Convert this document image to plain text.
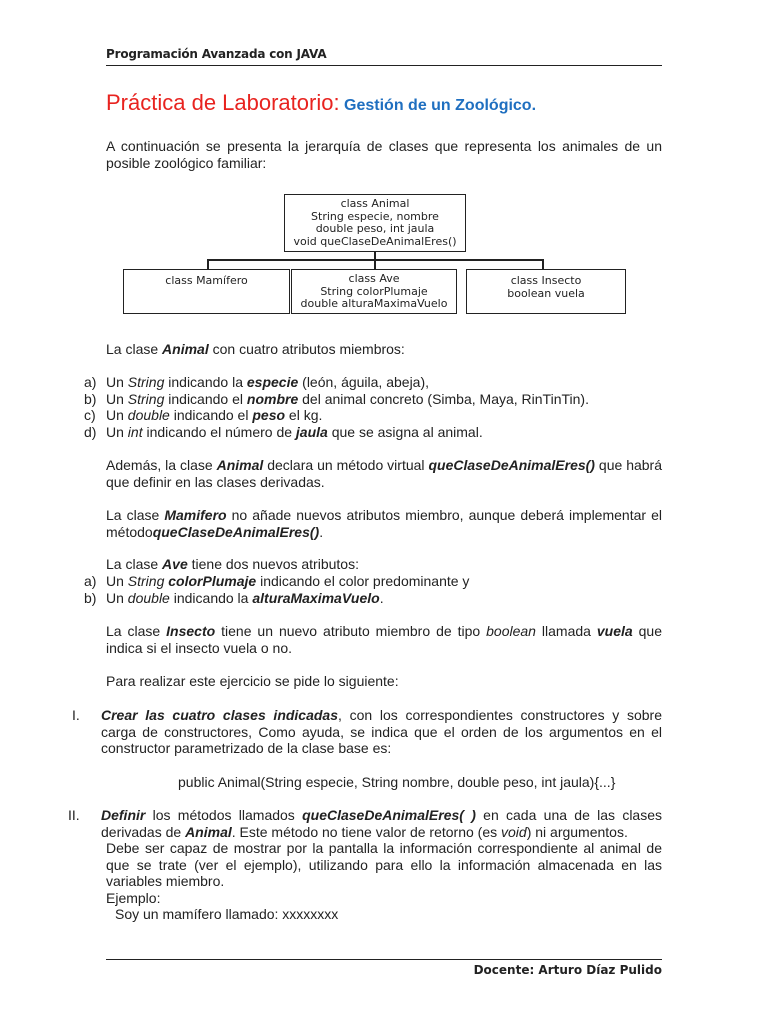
Programación Avanzada con JAVA
Práctica de Laboratorio: Gestión de un Zoológico.
A continuación se presenta la jerarquía de clases que representa los animales de un posible zoológico familiar:
class Animal
String especie, nombre
double peso, int jaula
void queClaseDeAnimalEres()
class Mamífero	class Ave
String colorPlumaje
double alturaMaximaVuelo
class Insecto
boolean vuela
La clase Animal con cuatro atributos miembros:
a) Un String indicando la especie (león, águila, abeja),
b) Un String indicando el nombre del animal concreto (Simba, Maya, RinTinTin).
c) Un double indicando el peso el kg.
d) Un int indicando el número de jaula que se asigna al animal.
Además, la clase Animal declara un método virtual queClaseDeAnimalEres() que habrá que definir en las clases derivadas.
La clase Mamifero no añade nuevos atributos miembro, aunque deberá implementar el métodoqueClaseDeAnimalEres().
La clase Ave tiene dos nuevos atributos:
a) Un String colorPlumaje indicando el color predominante y
b) Un double indicando la alturaMaximaVuelo.
La clase Insecto tiene un nuevo atributo miembro de tipo boolean llamada vuela que indica si el insecto vuela o no.
Para realizar este ejercicio se pide lo siguiente:
I. Crear las cuatro clases indicadas, con los correspondientes constructores y sobre carga de constructores, Como ayuda, se indica que el orden de los argumentos en el constructor parametrizado de la clase base es:
public Animal(String especie, String nombre, double peso, int jaula){...}
II. Definir los métodos llamados queClaseDeAnimalEres( ) en cada una de las clases derivadas de Animal. Este método no tiene valor de retorno (es void) ni argumentos.
Debe ser capaz de mostrar por la pantalla la información correspondiente al animal de que se trate (ver el ejemplo), utilizando para ello la información almacenada en las variables miembro.
Ejemplo:
Soy un mamífero llamado: xxxxxxxx
Docente: Arturo Díaz Pulido
